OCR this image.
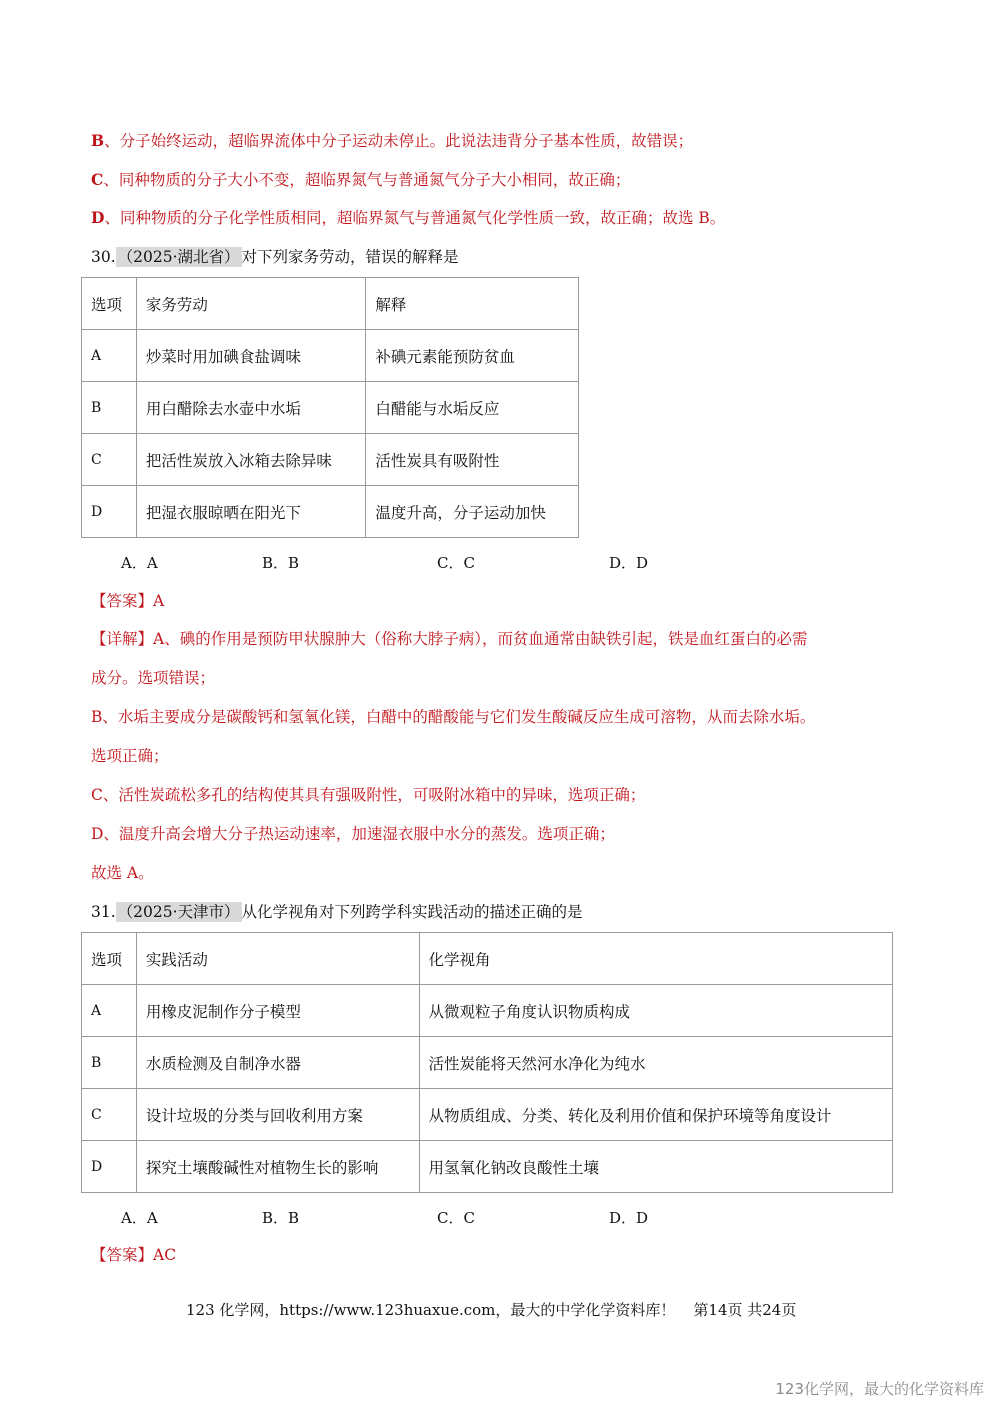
B、分子始终运动，超临界流体中分子运动未停止。此说法违背分子基本性质，故错误；
C、同种物质的分子大小不变，超临界氮气与普通氮气分子大小相同，故正确；
D、同种物质的分子化学性质相同，超临界氮气与普通氮气化学性质一致，故正确；故选 B。
30. （2025·湖北省） 对下列家务劳动，错误的解释是
选项	家务劳动	解释
A	炒菜时用加碘食盐调味	补碘元素能预防贫血
B	用白醋除去水壶中水垢	白醋能与水垢反应
C	把活性炭放入冰箱去除异味	活性炭具有吸附性
D	把湿衣服晾晒在阳光下	温度升高，分子运动加快
A．A	B．B	C．C	D．D
【答案】A
【详解】A、碘的作用是预防甲状腺肿大（俗称大脖子病），而贫血通常由缺铁引起，铁是血红蛋白的必需
成分。选项错误；
B、水垢主要成分是碳酸钙和氢氧化镁，白醋中的醋酸能与它们发生酸碱反应生成可溶物，从而去除水垢。
选项正确；
C、活性炭疏松多孔的结构使其具有强吸附性，可吸附冰箱中的异味，选项正确；
D、温度升高会增大分子热运动速率，加速湿衣服中水分的蒸发。选项正确；
故选 A。
31. （2025·天津市） 从化学视角对下列跨学科实践活动的描述正确的是
选项	实践活动	化学视角
A	用橡皮泥制作分子模型	从微观粒子角度认识物质构成
B	水质检测及自制净水器	活性炭能将天然河水净化为纯水
C	设计垃圾的分类与回收利用方案	从物质组成、分类、转化及利用价值和保护环境等角度设计
D	探究土壤酸碱性对植物生长的影响	用氢氧化钠改良酸性土壤
A．A	B．B	C．C	D．D
【答案】AC
123 化学网，https://www.123huaxue.com，最大的中学化学资料库！ 第14页 共24页
123化学网，最大的化学资料库
